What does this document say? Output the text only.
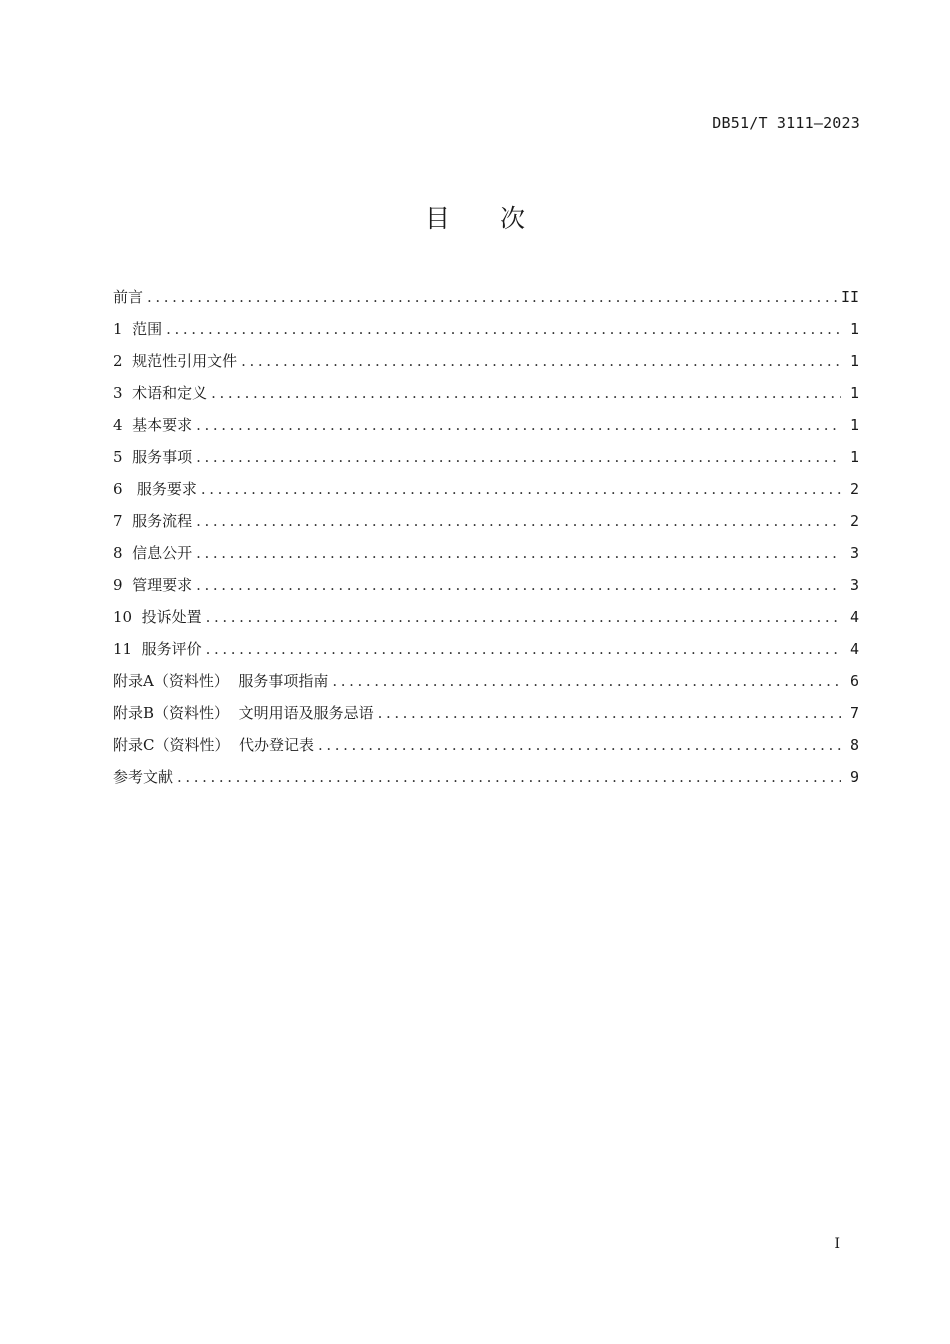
DB51/T 3111—2023
目 次
前言 .....	II
1 范围 .....	1
2 规范性引用文件 .....	1
3 术语和定义 .....	1
4 基本要求 .....	1
5 服务事项 .....	1
6 服务要求 .....	2
7 服务流程 .....	2
8 信息公开 .....	3
9 管理要求 .....	3
10 投诉处置 .....	4
11 服务评价 .....	4
附录A（资料性） 服务事项指南 .....	6
附录B（资料性） 文明用语及服务忌语 .....	7
附录C（资料性） 代办登记表 .....	8
参考文献 .....	9
I
